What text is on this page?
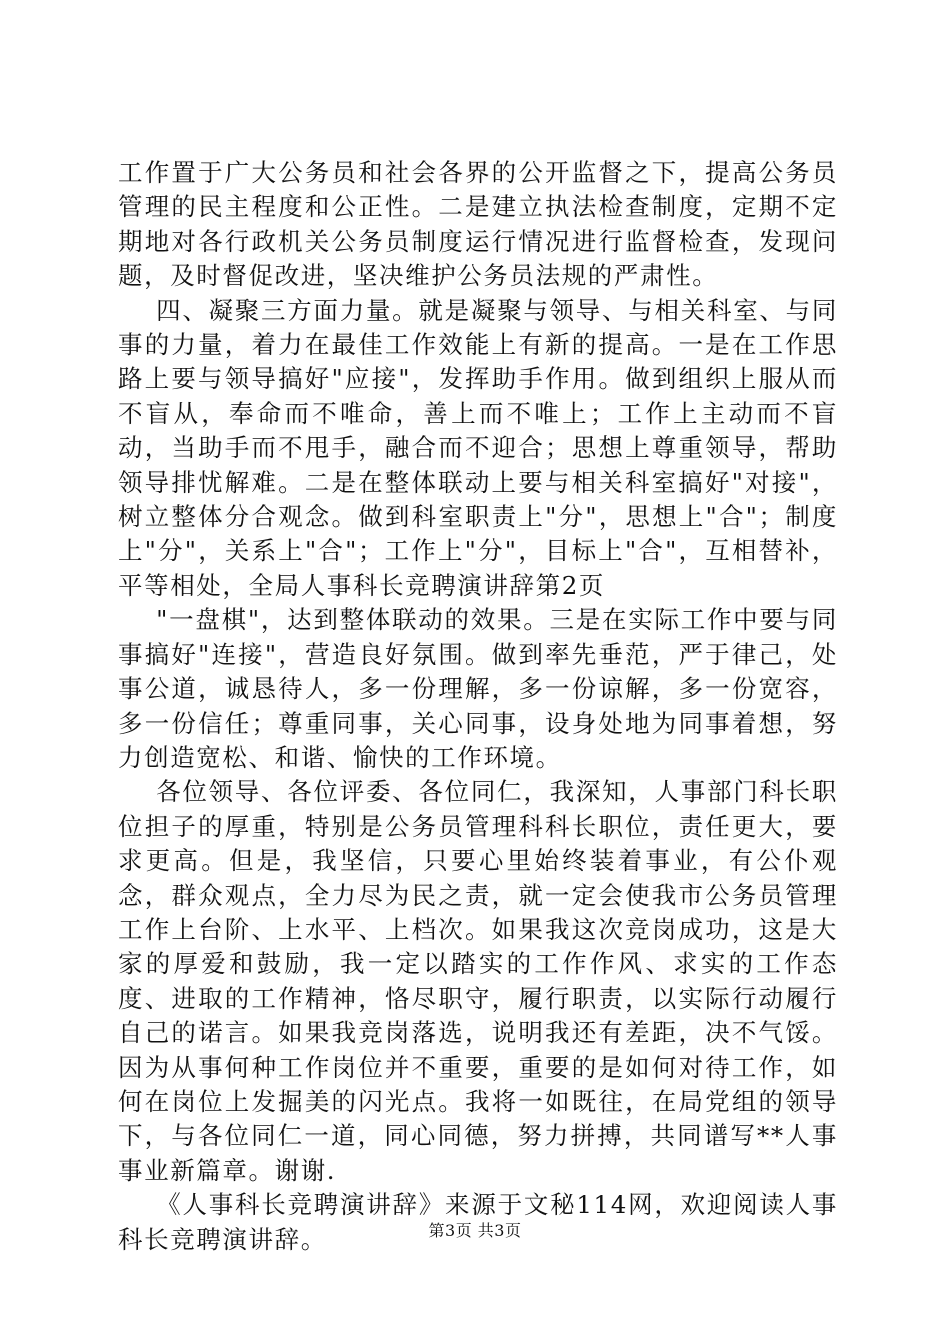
工作置于广大公务员和社会各界的公开监督之下，提高公务员管理的民主程度和公正性。二是建立执法检查制度，定期不定期地对各行政机关公务员制度运行情况进行监督检查，发现问题，及时督促改进，坚决维护公务员法规的严肃性。

四、凝聚三方面力量。就是凝聚与领导、与相关科室、与同事的力量，着力在最佳工作效能上有新的提高。一是在工作思路上要与领导搞好"应接"，发挥助手作用。做到组织上服从而不盲从，奉命而不唯命，善上而不唯上；工作上主动而不盲动，当助手而不甩手，融合而不迎合；思想上尊重领导，帮助领导排忧解难。二是在整体联动上要与相关科室搞好"对接"，树立整体分合观念。做到科室职责上"分"，思想上"合"；制度上"分"，关系上"合"；工作上"分"，目标上"合"，互相替补，平等相处，全局人事科长竞聘演讲辞第2页

"一盘棋"，达到整体联动的效果。三是在实际工作中要与同事搞好"连接"，营造良好氛围。做到率先垂范，严于律己，处事公道，诚恳待人，多一份理解，多一份谅解，多一份宽容，多一份信任；尊重同事，关心同事，设身处地为同事着想，努力创造宽松、和谐、愉快的工作环境。

各位领导、各位评委、各位同仁，我深知，人事部门科长职位担子的厚重，特别是公务员管理科科长职位，责任更大，要求更高。但是，我坚信，只要心里始终装着事业，有公仆观念，群众观点，全力尽为民之责，就一定会使我市公务员管理工作上台阶、上水平、上档次。如果我这次竞岗成功，这是大家的厚爱和鼓励，我一定以踏实的工作作风、求实的工作态度、进取的工作精神，恪尽职守，履行职责，以实际行动履行自己的诺言。如果我竞岗落选，说明我还有差距，决不气馁。因为从事何种工作岗位并不重要，重要的是如何对待工作，如何在岗位上发掘美的闪光点。我将一如既往，在局党组的领导下，与各位同仁一道，同心同德，努力拼搏，共同谱写**人事事业新篇章。谢谢.

《人事科长竞聘演讲辞》来源于文秘114网，欢迎阅读人事科长竞聘演讲辞。	第3页 共3页
